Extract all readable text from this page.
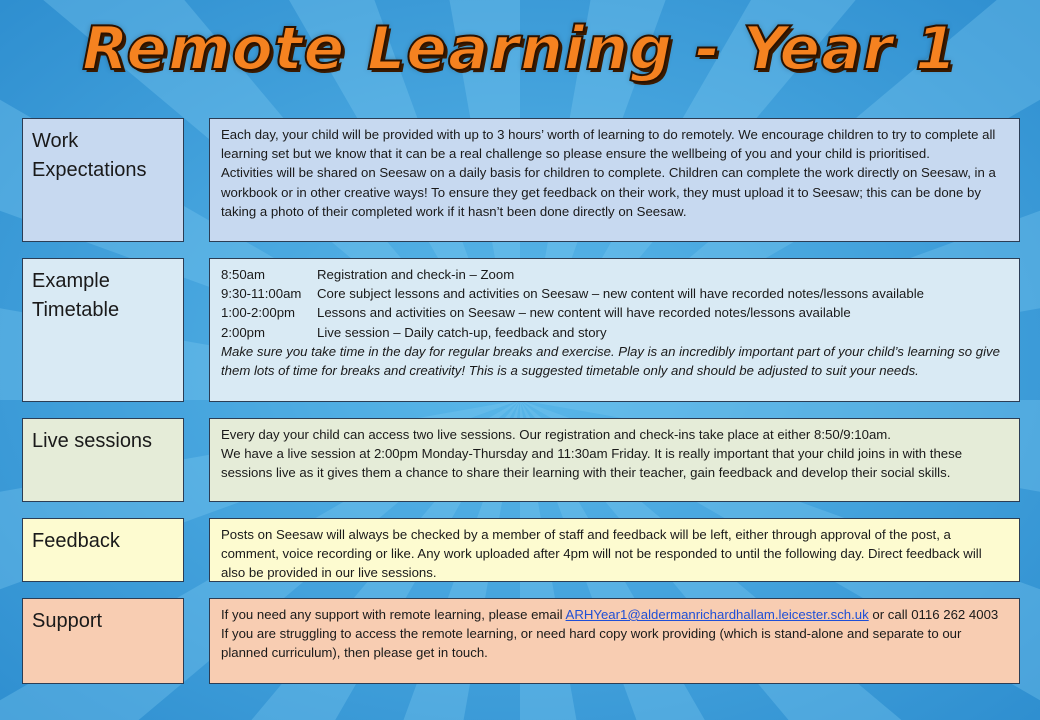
Remote Learning - Year 1
Work Expectations

Each day, your child will be provided with up to 3 hours’ worth of learning to do remotely. We encourage children to try to complete all learning set but we know that it can be a real challenge so please ensure the wellbeing of you and your child is prioritised.

Activities will be shared on Seesaw on a daily basis for children to complete. Children can complete the work directly on Seesaw, in a workbook or in other creative ways! To ensure they get feedback on their work, they must upload it to Seesaw; this can be done by taking a photo of their completed work if it hasn’t been done directly on Seesaw.

Example Timetable
8:50am	Registration and check-in – Zoom
9:30-11:00am Core subject lessons and activities on Seesaw – new content will have recorded notes/lessons available
1:00-2:00pm Lessons and activities on Seesaw – new content will have recorded notes/lessons available
2:00pm	Live session – Daily catch-up, feedback and story

Make sure you take time in the day for regular breaks and exercise. Play is an incredibly important part of your child’s learning so give them lots of time for breaks and creativity! This is a suggested timetable only and should be adjusted to suit your needs.

Live sessions	Every day your child can access two live sessions. Our registration and check-ins take place at either 8:50/9:10am.

We have a live session at 2:00pm Monday-Thursday and 11:30am Friday. It is really important that your child joins in with these sessions live as it gives them a chance to share their learning with their teacher, gain feedback and develop their social skills.

Feedback	Posts on Seesaw will always be checked by a member of staff and feedback will be left, either through approval of the post, a comment, voice recording or like. Any work uploaded after 4pm will not be responded to until the following day. Direct feedback will also be provided in our live sessions.

Support	If you need any support with remote learning, please email ARHYear1@aldermanrichardhallam.leicester.sch.uk or call 0116 262 4003

If you are struggling to access the remote learning, or need hard copy work providing (which is stand-alone and separate to our planned curriculum), then please get in touch.
